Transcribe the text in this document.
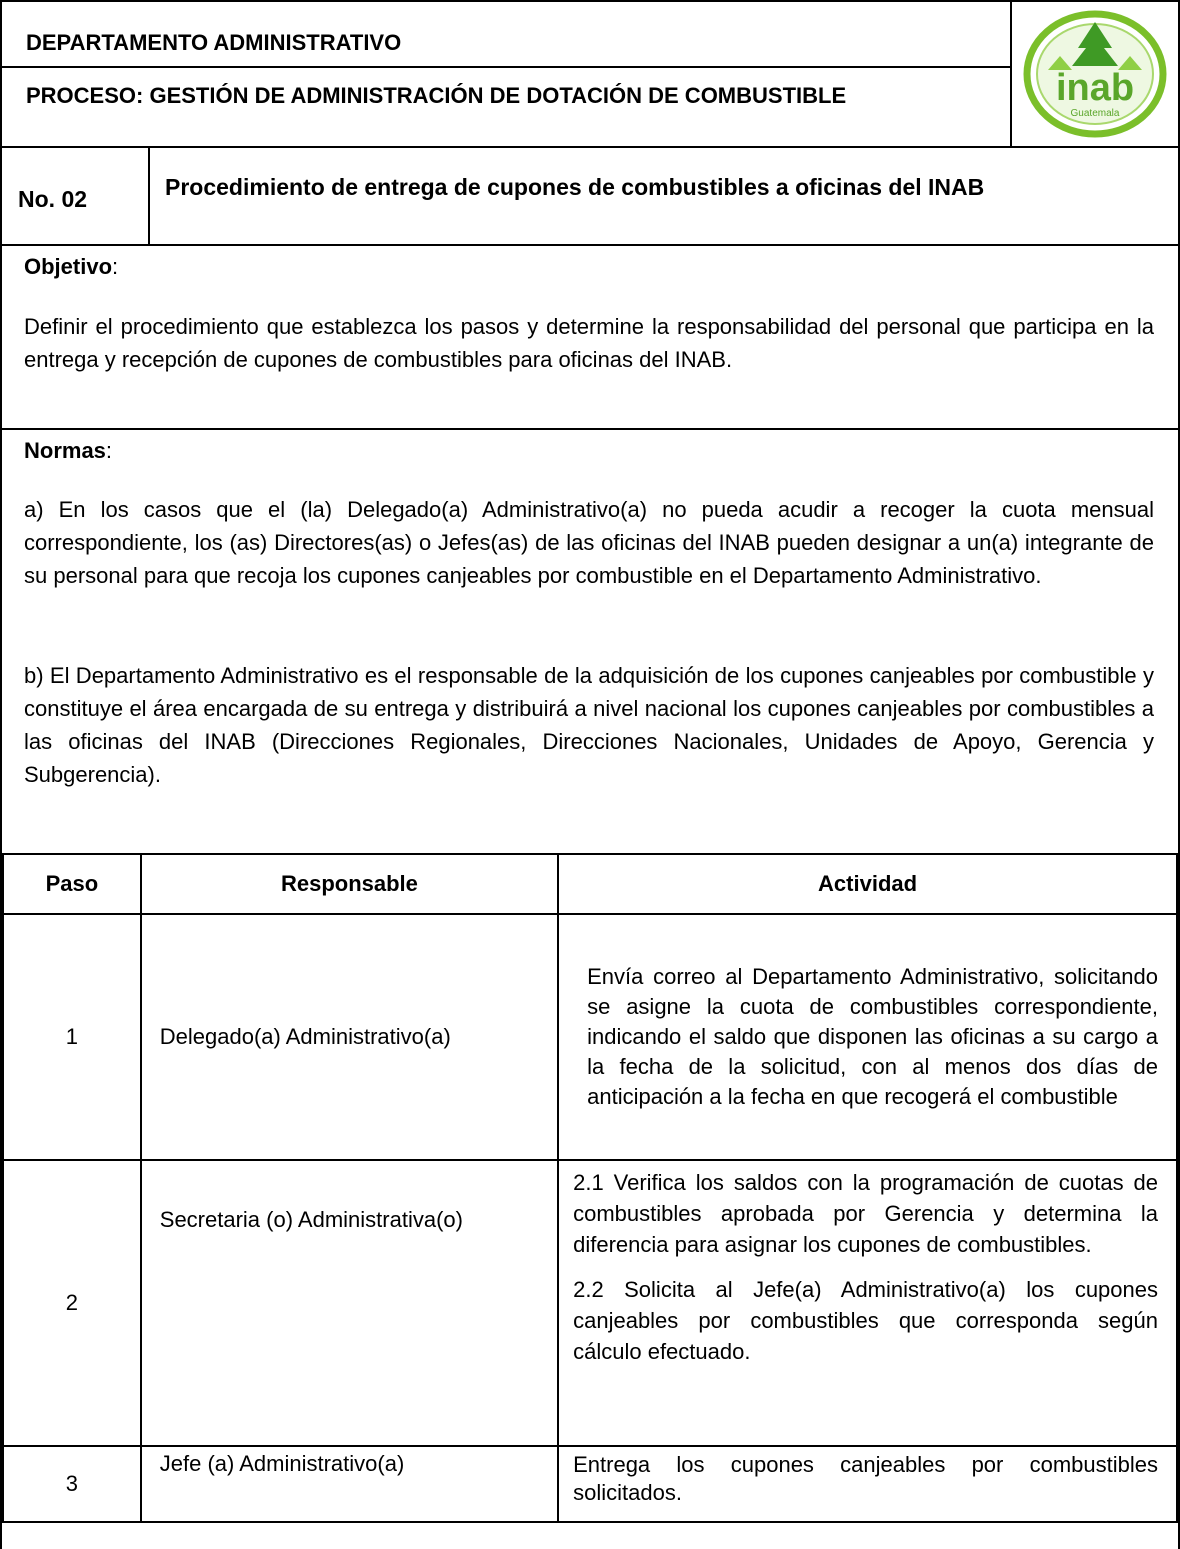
DEPARTAMENTO ADMINISTRATIVO
PROCESO: GESTIÓN DE ADMINISTRACIÓN DE DOTACIÓN DE COMBUSTIBLE	inab
Guatemala
No. 02	Procedimiento de entrega de cupones de combustibles a oficinas del INAB
Objetivo:
Definir el procedimiento que establezca los pasos y determine la responsabilidad del personal que participa en la entrega y recepción de cupones de combustibles para oficinas del INAB.
Normas:
a) En los casos que el (la) Delegado(a) Administrativo(a) no pueda acudir a recoger la cuota mensual correspondiente, los (as) Directores(as) o Jefes(as) de las oficinas del INAB pueden designar a un(a) integrante de su personal para que recoja los cupones canjeables por combustible en el Departamento Administrativo.
b) El Departamento Administrativo es el responsable de la adquisición de los cupones canjeables por combustible y constituye el área encargada de su entrega y distribuirá a nivel nacional los cupones canjeables por combustibles a las oficinas del INAB (Direcciones Regionales, Direcciones Nacionales, Unidades de Apoyo, Gerencia y Subgerencia).
Paso	Responsable	Actividad
1	Delegado(a) Administrativo(a)	Envía correo al Departamento Administrativo, solicitando se asigne la cuota de combustibles correspondiente, indicando el saldo que disponen las oficinas a su cargo a la fecha de la solicitud, con al menos dos días de anticipación a la fecha en que recogerá el combustible

2	Secretaria (o) Administrativa(o)	2.1 Verifica los saldos con la programación de cuotas de combustibles aprobada por Gerencia y determina la diferencia para asignar los cupones de combustibles.
2.2 Solicita al Jefe(a) Administrativo(a) los cupones canjeables por combustibles que corresponda según cálculo efectuado.

3	Jefe (a) Administrativo(a)	Entrega los cupones canjeables por combustibles solicitados.
